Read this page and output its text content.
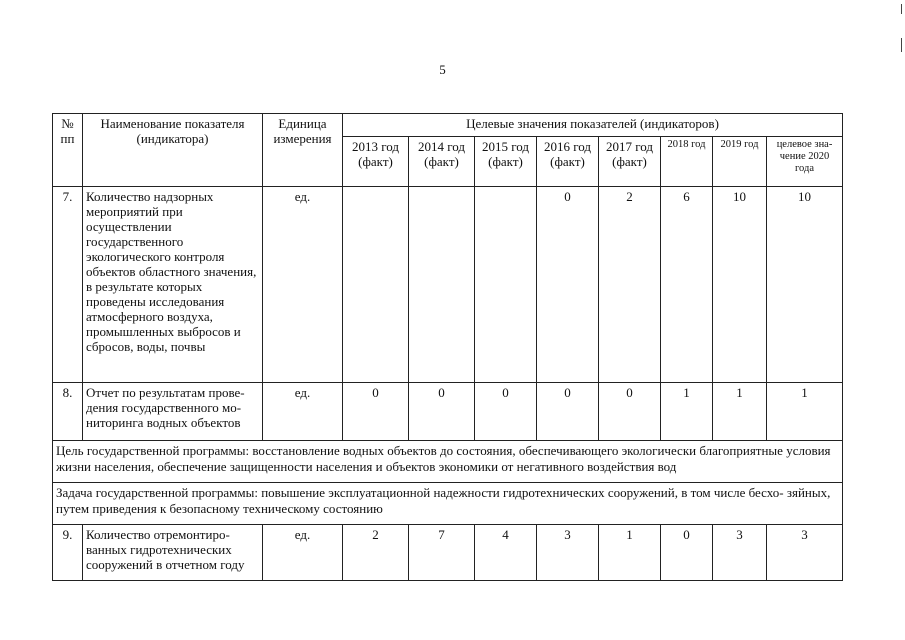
5
№ пп	Наименование показателя (индикатора)	Единица измерения	Целевые значения показателей (индикаторов)							
			2013 год (факт)	2014 год (факт)	2015 год (факт)	2016 год (факт)	2017 год (факт)	2018 год	2019 год	целевое зна- чение 2020 года
7.	Количество надзорных мероприятий при осуществлении государственного экологического контроля объектов областного значения, в результате которых проведены исследования атмосферного воздуха, промышленных выбросов и сбросов, воды, почвы	ед.				0	2	6	10	10
8.	Отчет по результатам прове- дения государственного мо- ниторинга водных объектов	ед.	0	0	0	0	0	1	1	1
Цель государственной программы: восстановление водных объектов до состояния, обеспечивающего экологически благоприятные условия жизни населения, обеспечение защищенности населения и объектов экономики от негативного воздействия вод										
Задача государственной программы: повышение эксплуатационной надежности гидротехнических сооружений, в том числе бесхо- зяйных, путем приведения к безопасному техническому состоянию										
9.	Количество отремонтиро- ванных гидротехнических сооружений в отчетном году	ед.	2	7	4	3	1	0	3	3
